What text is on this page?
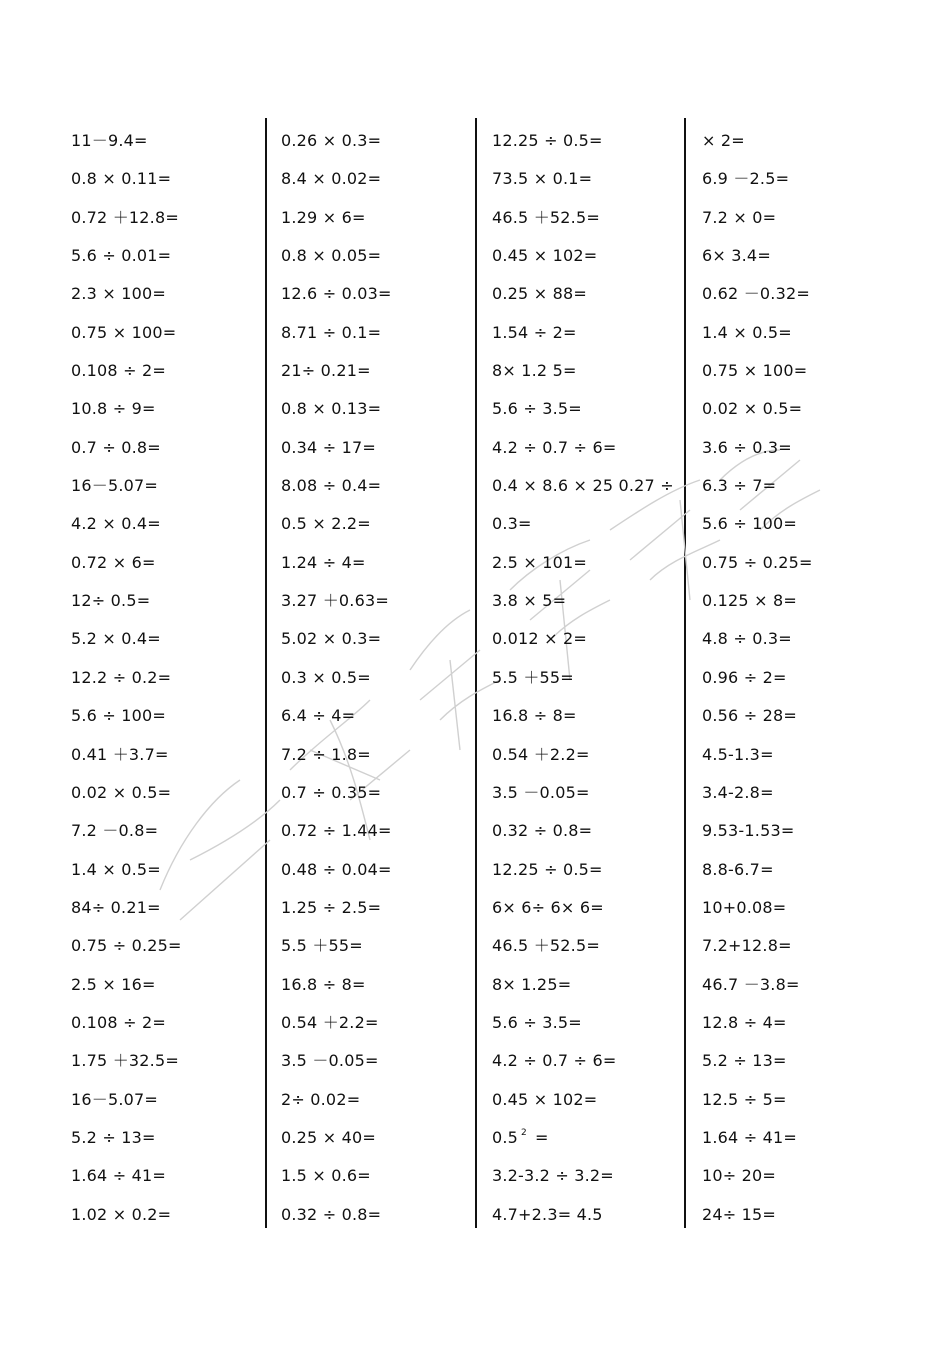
11－9.4=
0.8 × 0.11=
0.72 ＋12.8=
5.6 ÷ 0.01=
2.3 × 100=
0.75 × 100=
0.108 ÷ 2=
10.8 ÷ 9=
0.7 ÷ 0.8=
16－5.07=
4.2 × 0.4=
0.72 × 6=
12÷ 0.5=
5.2 × 0.4=
12.2 ÷ 0.2=
5.6 ÷ 100=
0.41 ＋3.7=
0.02 × 0.5=
7.2 －0.8=
1.4 × 0.5=
84÷ 0.21=
0.75 ÷ 0.25=
2.5 × 16=
0.108 ÷ 2=
1.75 ＋32.5=
16－5.07=
5.2 ÷ 13=
1.64 ÷ 41=
1.02 × 0.2=
0.26 × 0.3=
8.4 × 0.02=
1.29 × 6=
0.8 × 0.05=
12.6 ÷ 0.03=
8.71 ÷ 0.1=
21÷ 0.21=
0.8 × 0.13=
0.34 ÷ 17=
8.08 ÷ 0.4=
0.5 × 2.2=
1.24 ÷ 4=
3.27 ＋0.63=
5.02 × 0.3=
0.3 × 0.5=
6.4 ÷ 4=
7.2 ÷ 1.8=
0.7 ÷ 0.35=
0.72 ÷ 1.44=
0.48 ÷ 0.04=
1.25 ÷ 2.5=
5.5 ＋55=
16.8 ÷ 8=
0.54 ＋2.2=
3.5 －0.05=
2÷ 0.02=
0.25 × 40=
1.5 × 0.6=
0.32 ÷ 0.8=
12.25 ÷ 0.5=
73.5 × 0.1=
46.5 ＋52.5=
0.45 × 102=
0.25 × 88=
1.54 ÷ 2=
8× 1.2 5=
5.6 ÷ 3.5=
4.2 ÷ 0.7 ÷ 6=
0.4 × 8.6 × 25 0.27 ÷
0.3=
2.5 × 101=
3.8 × 5=
0.012 × 2=
5.5 ＋55=
16.8 ÷ 8=
0.54 ＋2.2=
3.5 －0.05=
0.32 ÷ 0.8=
12.25 ÷ 0.5=
6× 6÷ 6× 6=
46.5 ＋52.5=
8× 1.25=
5.6 ÷ 3.5=
4.2 ÷ 0.7 ÷ 6=
0.45 × 102=
0.5 $^2$ =
3.2-3.2 ÷ 3.2=
4.7+2.3= 4.5
× 2=
6.9 －2.5=
7.2 × 0=
6× 3.4=
0.62 －0.32=
1.4 × 0.5=
0.75 × 100=
0.02 × 0.5=
3.6 ÷ 0.3=
6.3 ÷ 7=
5.6 ÷ 100=
0.75 ÷ 0.25=
0.125 × 8=
4.8 ÷ 0.3=
0.96 ÷ 2=
0.56 ÷ 28=
4.5-1.3=
3.4-2.8=
9.53-1.53=
8.8-6.7=
10+0.08=
7.2+12.8=
46.7 －3.8=
12.8 ÷ 4=
5.2 ÷ 13=
12.5 ÷ 5=
1.64 ÷ 41=
10÷ 20=
24÷ 15=
